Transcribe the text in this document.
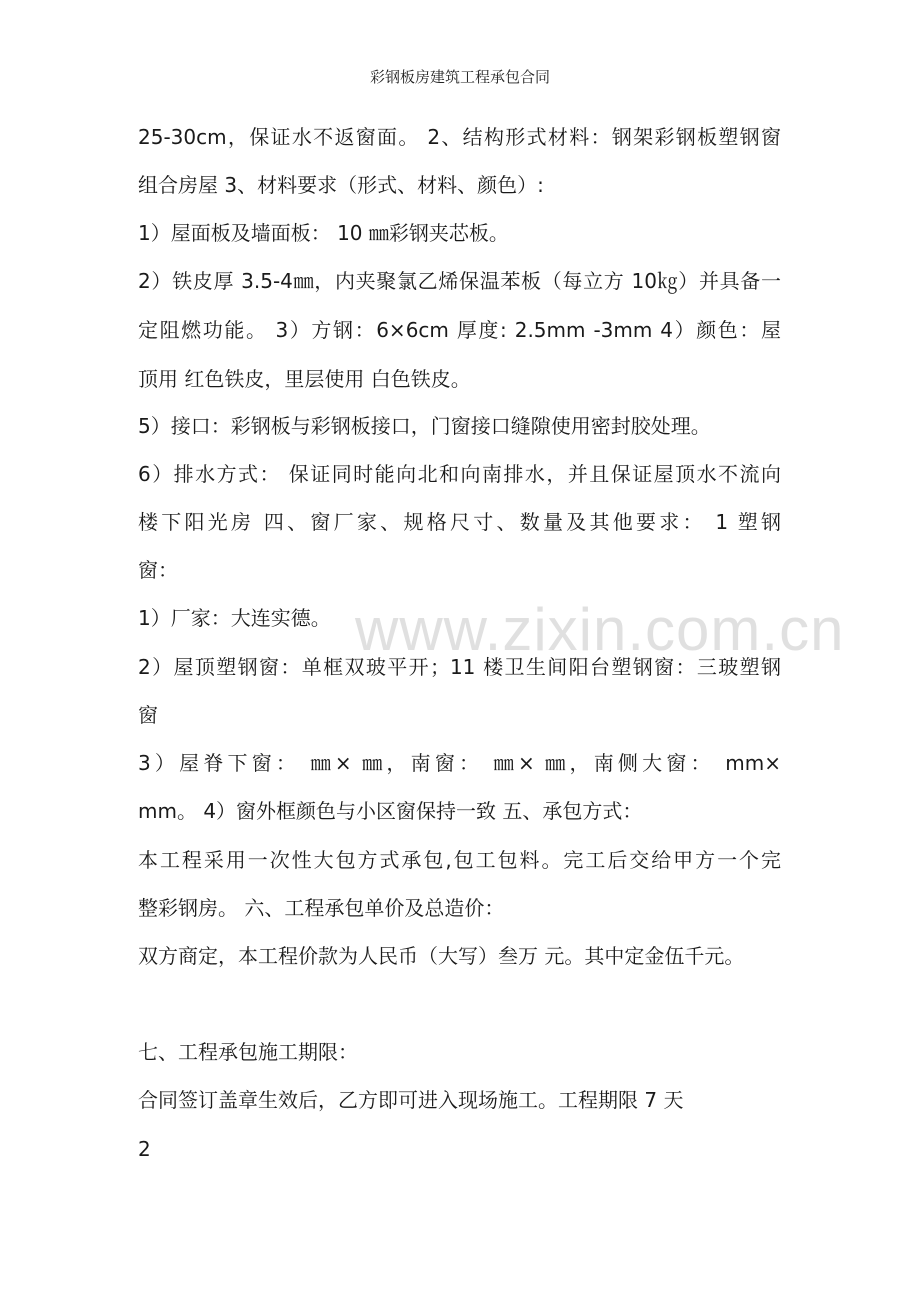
彩钢板房建筑工程承包合同
www.zixin.com.cn
25-30cm，保证水不返窗面。 2、结构形式材料：钢架彩钢板塑钢窗
组合房屋 3、材料要求（形式、材料、颜色）:
1）屋面板及墙面板： 10 ㎜彩钢夹芯板。
2）铁皮厚 3.5-4㎜，内夹聚氯乙烯保温苯板（每立方 10㎏）并具备一
定阻燃功能。 3）方钢：6×6cm 厚度: 2.5mm -3mm 4）颜色：屋
顶用 红色铁皮，里层使用 白色铁皮。
5）接口：彩钢板与彩钢板接口，门窗接口缝隙使用密封胶处理。
6）排水方式： 保证同时能向北和向南排水，并且保证屋顶水不流向
楼下阳光房 四、窗厂家、规格尺寸、数量及其他要求： 1 塑钢
窗：
1）厂家：大连实德。
2）屋顶塑钢窗：单框双玻平开；11 楼卫生间阳台塑钢窗：三玻塑钢
窗
3）屋脊下窗： ㎜× ㎜，南窗： ㎜× ㎜，南侧大窗： mm×
mm。 4）窗外框颜色与小区窗保持一致 五、承包方式：
本工程采用一次性大包方式承包,包工包料。完工后交给甲方一个完
整彩钢房。 六、工程承包单价及总造价：
双方商定，本工程价款为人民币（大写）叁万 元。其中定金伍千元。
七、工程承包施工期限：
合同签订盖章生效后，乙方即可进入现场施工。工程期限 7 天
2
